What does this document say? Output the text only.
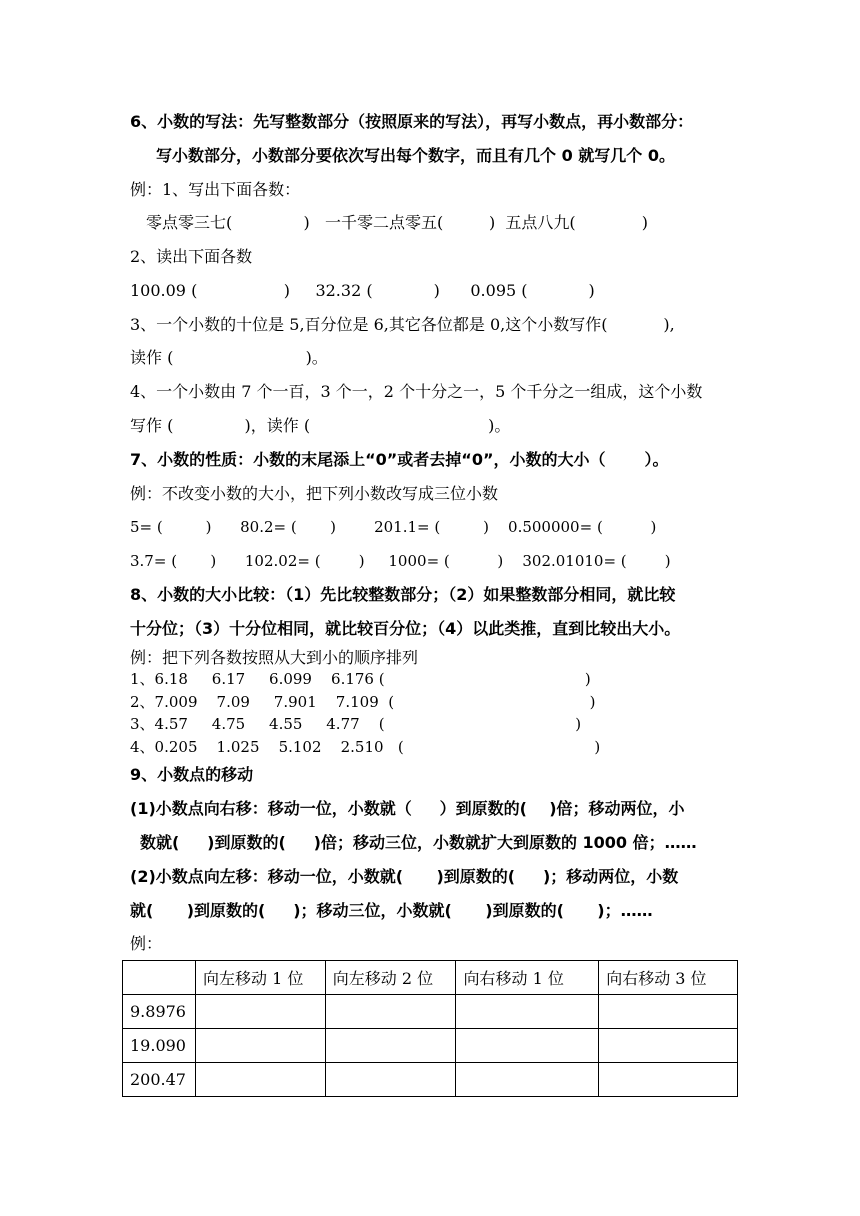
6、小数的写法：先写整数部分（按照原来的写法），再写小数点，再小数部分：
写小数部分，小数部分要依次写出每个数字，而且有几个 0 就写几个 0。
例：1、写出下面各数：
零点零三七(              )   一千零二点零五(         )  五点八九(             )
2、读出下面各数
100.09 (                 )     32.32 (            )      0.095 (            )
3、一个小数的十位是 5,百分位是 6,其它各位都是 0,这个小数写作(           ),
读作 (                          )。
4、一个小数由 7 个一百，3 个一，2 个十分之一，5 个千分之一组成，这个小数
写作 (              )，读作 (                                   )。
7、小数的性质：小数的末尾添上“0”或者去掉“0”，小数的大小（       ）。
例：不改变小数的大小，把下列小数改写成三位小数
5= (         )      80.2= (       )        201.1= (         )    0.500000= (          )
3.7= (       )      102.02= (        )     1000= (          )    302.01010= (        )
8、小数的大小比较：（1）先比较整数部分；（2）如果整数部分相同，就比较
十分位；（3）十分位相同，就比较百分位；（4）以此类推，直到比较出大小。
例：把下列各数按照从大到小的顺序排列
1、6.18     6.17     6.099    6.176 (                                          )
2、7.009    7.09     7.901    7.109  (                                         )
3、4.57     4.75     4.55     4.77    (                                        )
4、0.205    1.025    5.102    2.510   (                                        )
9、小数点的移动
(1)小数点向右移：移动一位，小数就（     ）到原数的(    )倍；移动两位，小
数就(     )到原数的(     )倍；移动三位，小数就扩大到原数的 1000 倍；……
(2)小数点向左移：移动一位，小数就(      )到原数的(     )；移动两位，小数
就(      )到原数的(     )；移动三位，小数就(      )到原数的(      )；……
例：
	向左移动 1 位	向左移动 2 位	向右移动 1 位	向右移动 3 位
9.8976				
19.090				
200.47				
